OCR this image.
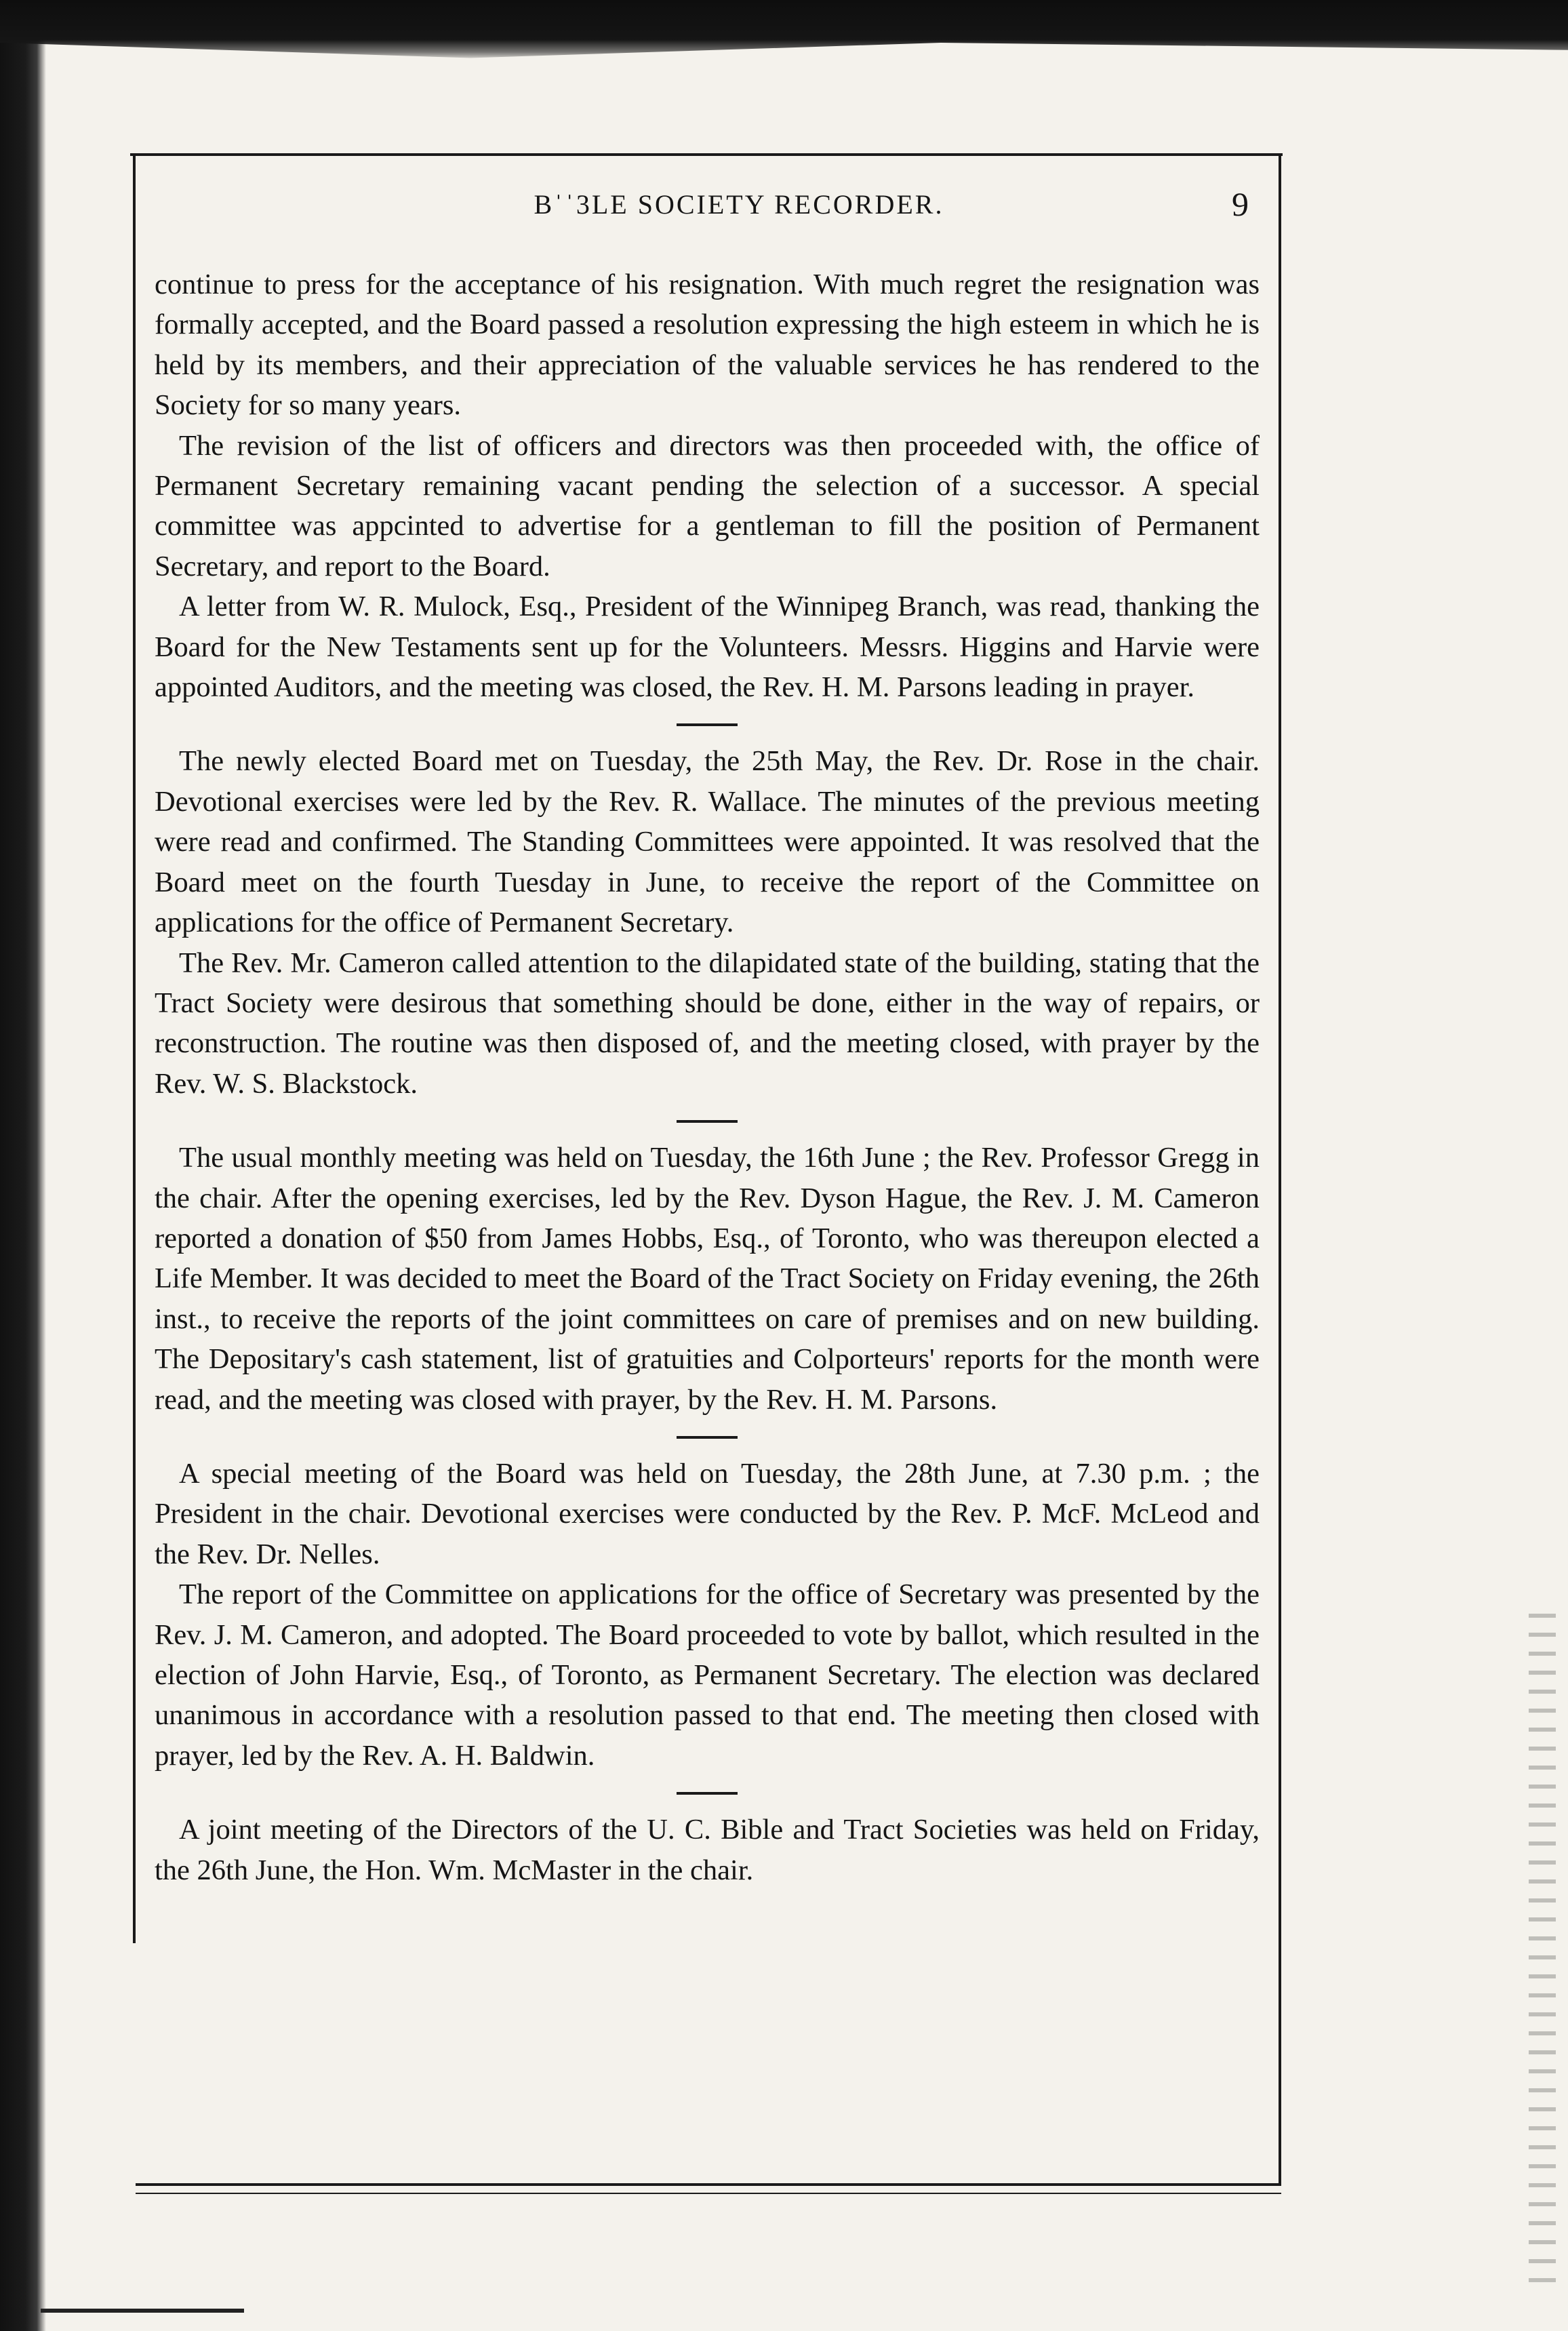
Bˈˈ3LE SOCIETY RECORDER.	9

continue to press for the acceptance of his resignation. With much regret the resignation was formally accepted, and the Board passed a resolution expressing the high esteem in which he is held by its members, and their appreciation of the valuable services he has rendered to the Society for so many years.

The revision of the list of officers and directors was then proceeded with, the office of Permanent Secretary remaining vacant pending the selection of a successor. A special committee was appcinted to advertise for a gentleman to fill the position of Permanent Secretary, and report to the Board.

A letter from W. R. Mulock, Esq., President of the Winnipeg Branch, was read, thanking the Board for the New Testaments sent up for the Volunteers. Messrs. Higgins and Harvie were appointed Auditors, and the meeting was closed, the Rev. H. M. Parsons leading in prayer.

The newly elected Board met on Tuesday, the 25th May, the Rev. Dr. Rose in the chair. Devotional exercises were led by the Rev. R. Wallace. The minutes of the previous meeting were read and confirmed. The Standing Committees were appointed. It was resolved that the Board meet on the fourth Tuesday in June, to receive the report of the Committee on applications for the office of Permanent Secretary.

The Rev. Mr. Cameron called attention to the dilapidated state of the building, stating that the Tract Society were desirous that something should be done, either in the way of repairs, or reconstruction. The routine was then disposed of, and the meeting closed, with prayer by the Rev. W. S. Blackstock.

The usual monthly meeting was held on Tuesday, the 16th June ; the Rev. Professor Gregg in the chair. After the opening exercises, led by the Rev. Dyson Hague, the Rev. J. M. Cameron reported a donation of $50 from James Hobbs, Esq., of Toronto, who was thereupon elected a Life Member. It was decided to meet the Board of the Tract Society on Friday evening, the 26th inst., to receive the reports of the joint committees on care of premises and on new building. The Depositary's cash statement, list of gratuities and Colporteurs' reports for the month were read, and the meeting was closed with prayer, by the Rev. H. M. Parsons.

A special meeting of the Board was held on Tuesday, the 28th June, at 7.30 p.m. ; the President in the chair. Devotional exercises were conducted by the Rev. P. McF. McLeod and the Rev. Dr. Nelles.

The report of the Committee on applications for the office of Secretary was presented by the Rev. J. M. Cameron, and adopted. The Board proceeded to vote by ballot, which resulted in the election of John Harvie, Esq., of Toronto, as Permanent Secretary. The election was declared unanimous in accordance with a resolution passed to that end. The meeting then closed with prayer, led by the Rev. A. H. Baldwin.

A joint meeting of the Directors of the U. C. Bible and Tract Societies was held on Friday, the 26th June, the Hon. Wm. McMaster in the chair.
